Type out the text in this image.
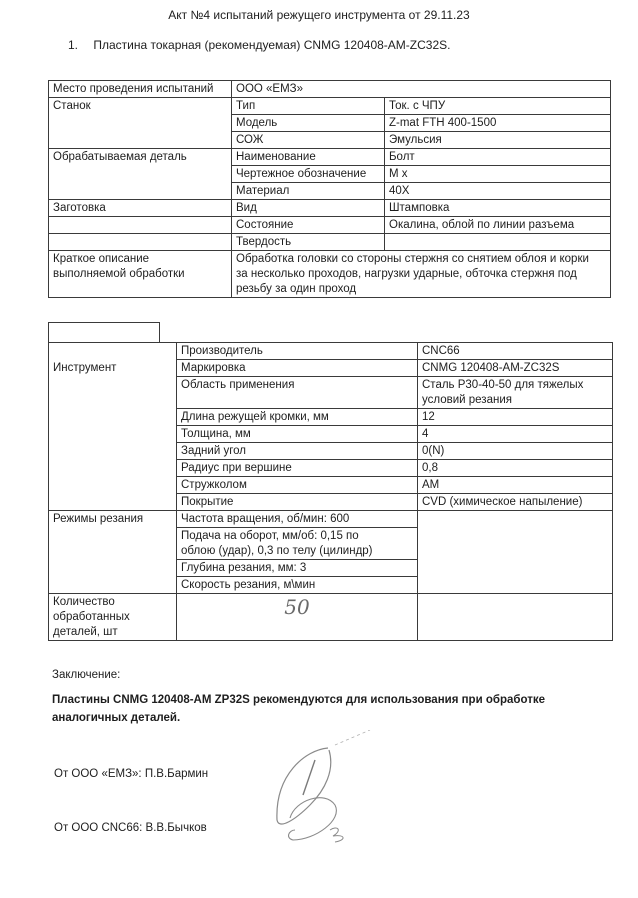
Акт №4 испытаний режущего инструмента от 29.11.23
1. Пластина токарная (рекомендуемая) CNMG 120408-AM-ZC32S.
Место проведения испытаний	ООО «ЕМЗ»	
Станок	Тип	Ток. с ЧПУ
	Модель	Z-mat FTH 400-1500
	СОЖ	Эмульсия
Обрабатываемая деталь	Наименование	Болт
	Чертежное обозначение	М х
	Материал	40Х
Заготовка	Вид	Штамповка
	Состояние	Окалина, облой по линии разъема
	Твердость	
Краткое описание выполняемой обработки	Обработка головки со стороны стержня со снятием облоя и корки за несколько проходов, нагрузки ударные, обточка стержня под резьбу за один проход	
Инструмент	Производитель	CNC66
	Маркировка	CNMG 120408-AM-ZC32S
	Область применения	Сталь Р30-40-50 для тяжелых условий резания
	Длина режущей кромки, мм	12
	Толщина, мм	4
	Задний угол	0(N)
	Радиус при вершине	0,8
	Стружколом	AM
	Покрытие	CVD (химическое напыление)
Режимы резания	Частота вращения, об/мин: 600	
	Подача на оборот, мм/об: 0,15 по облою (удар), 0,3 по телу (цилиндр)	
	Глубина резания, мм: 3	
	Скорость резания, м\мин	
Количество обработанных деталей, шт	50	
Заключение:
Пластины CNMG 120408-AM ZP32S рекомендуются для использования при обработке аналогичных деталей.
От ООО «ЕМЗ»: П.В.Бармин
От ООО CNC66: В.В.Бычков
